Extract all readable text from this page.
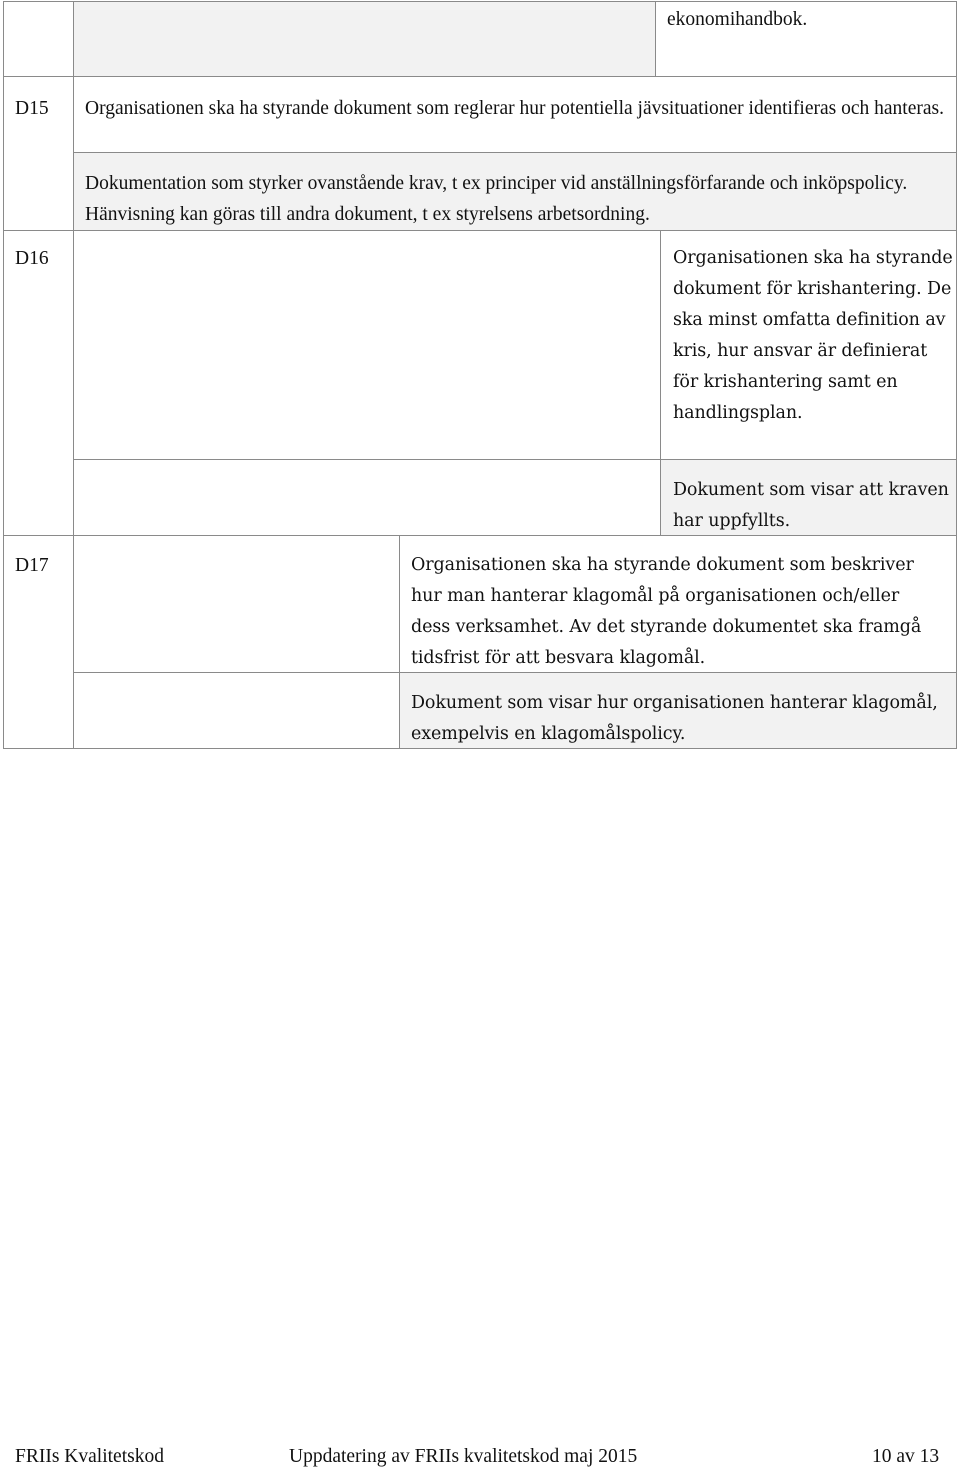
ekonomihandbok.
D15 Organisationen ska ha styrande dokument som reglerar hur potentiella jävsituationer identifieras och hanteras.
Dokumentation som styrker ovanstående krav, t ex principer vid anställningsförfarande och inköpspolicy. Hänvisning kan göras till andra dokument, t ex styrelsens arbetsordning.
D16	Organisationen ska ha styrande dokument för krishantering. De ska minst omfatta definition av kris, hur ansvar är definierat för krishantering samt en handlingsplan.
Dokument som visar att kraven har uppfyllts.
D17	Organisationen ska ha styrande dokument som beskriver hur man hanterar klagomål på organisationen och/eller dess verksamhet. Av det styrande dokumentet ska framgå tidsfrist för att besvara klagomål.
Dokument som visar hur organisationen hanterar klagomål, exempelvis en klagomålspolicy.
FRIIs Kvalitetskod	Uppdatering av FRIIs kvalitetskod maj 2015	10 av 13
